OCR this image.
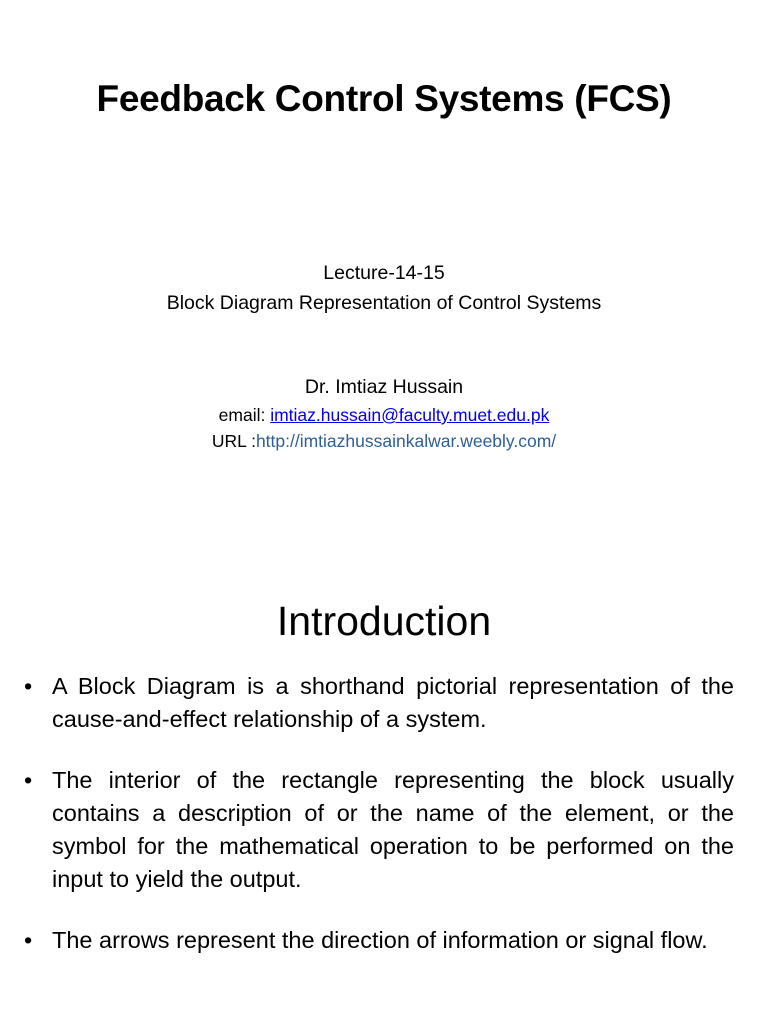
Feedback Control Systems (FCS)
Lecture-14-15
Block Diagram Representation of Control Systems
Dr. Imtiaz Hussain
email: imtiaz.hussain@faculty.muet.edu.pk
URL :http://imtiazhussainkalwar.weebly.com/
Introduction
• A Block Diagram is a shorthand pictorial representation of the cause-and-effect relationship of a system.
• The interior of the rectangle representing the block usually contains a description of or the name of the element, or the symbol for the mathematical operation to be performed on the input to yield the output.
• The arrows represent the direction of information or signal flow.
